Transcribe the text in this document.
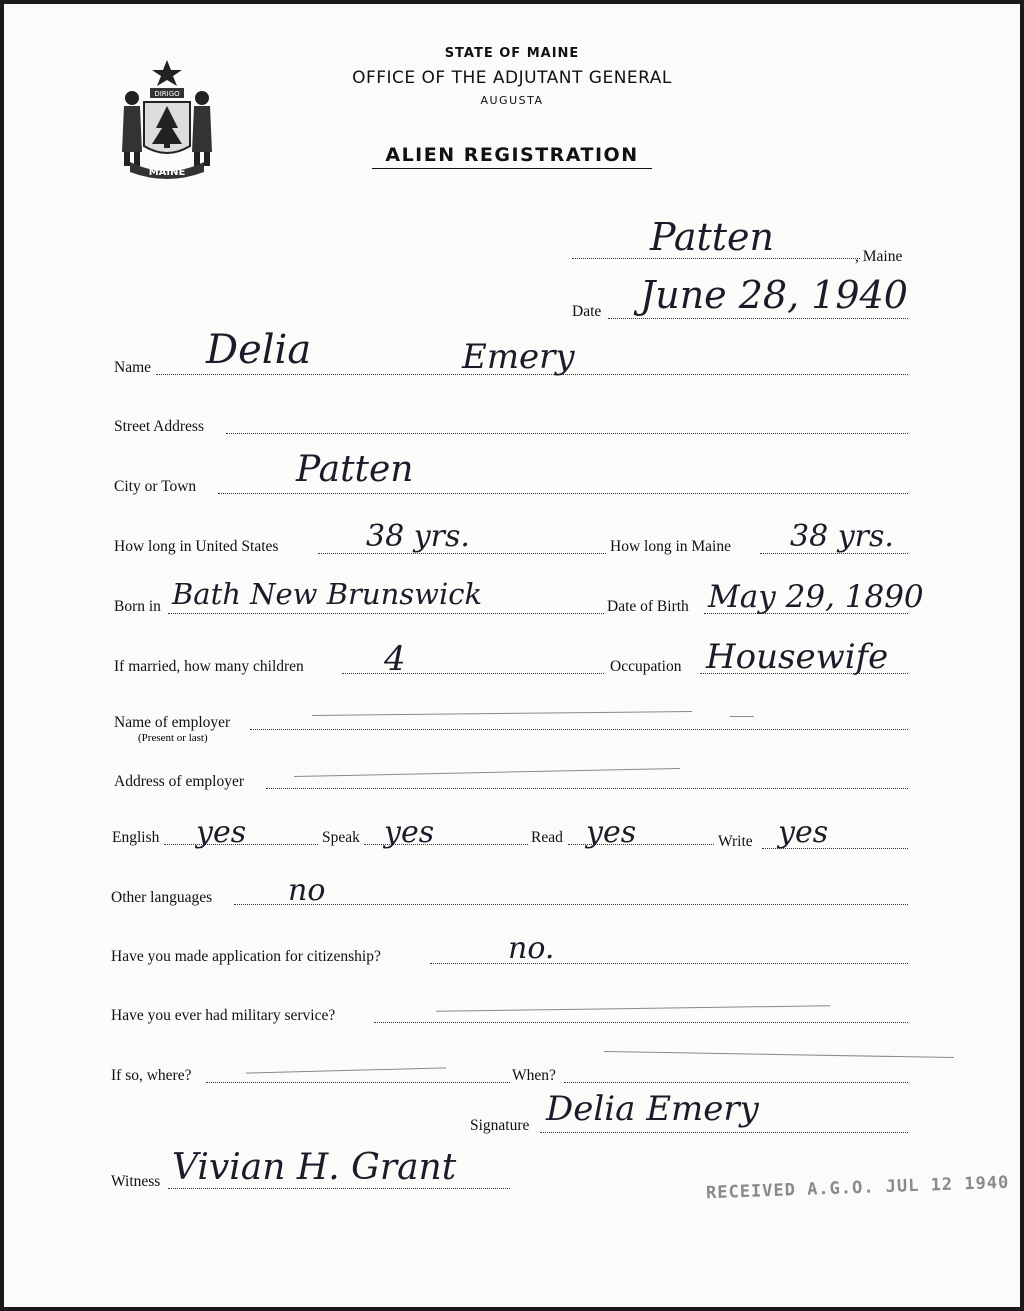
DIRIGO
MAINE
STATE OF MAINE
OFFICE OF THE ADJUTANT GENERAL
AUGUSTA
ALIEN REGISTRATION
Patten	, Maine
Date June 28, 1940
Name Delia	Emery
Street Address
City or Town	Patten
How long in United States	38 yrs.	How long in Maine 38 yrs.
Born in Bath New Brunswick	Date of Birth May 29, 1890
If married, how many children 4	Occupation Housewife
Name of employer
(Present or last)
Address of employer
English yes	Speak yes	Read yes	Write yes
Other languages	no
Have you made application for citizenship?	no.
Have you ever had military service?
If so, where?	When?
Signature Delia Emery
Witness Vivian H. Grant	RECEIVED A.G.O. JUL 12 1940
